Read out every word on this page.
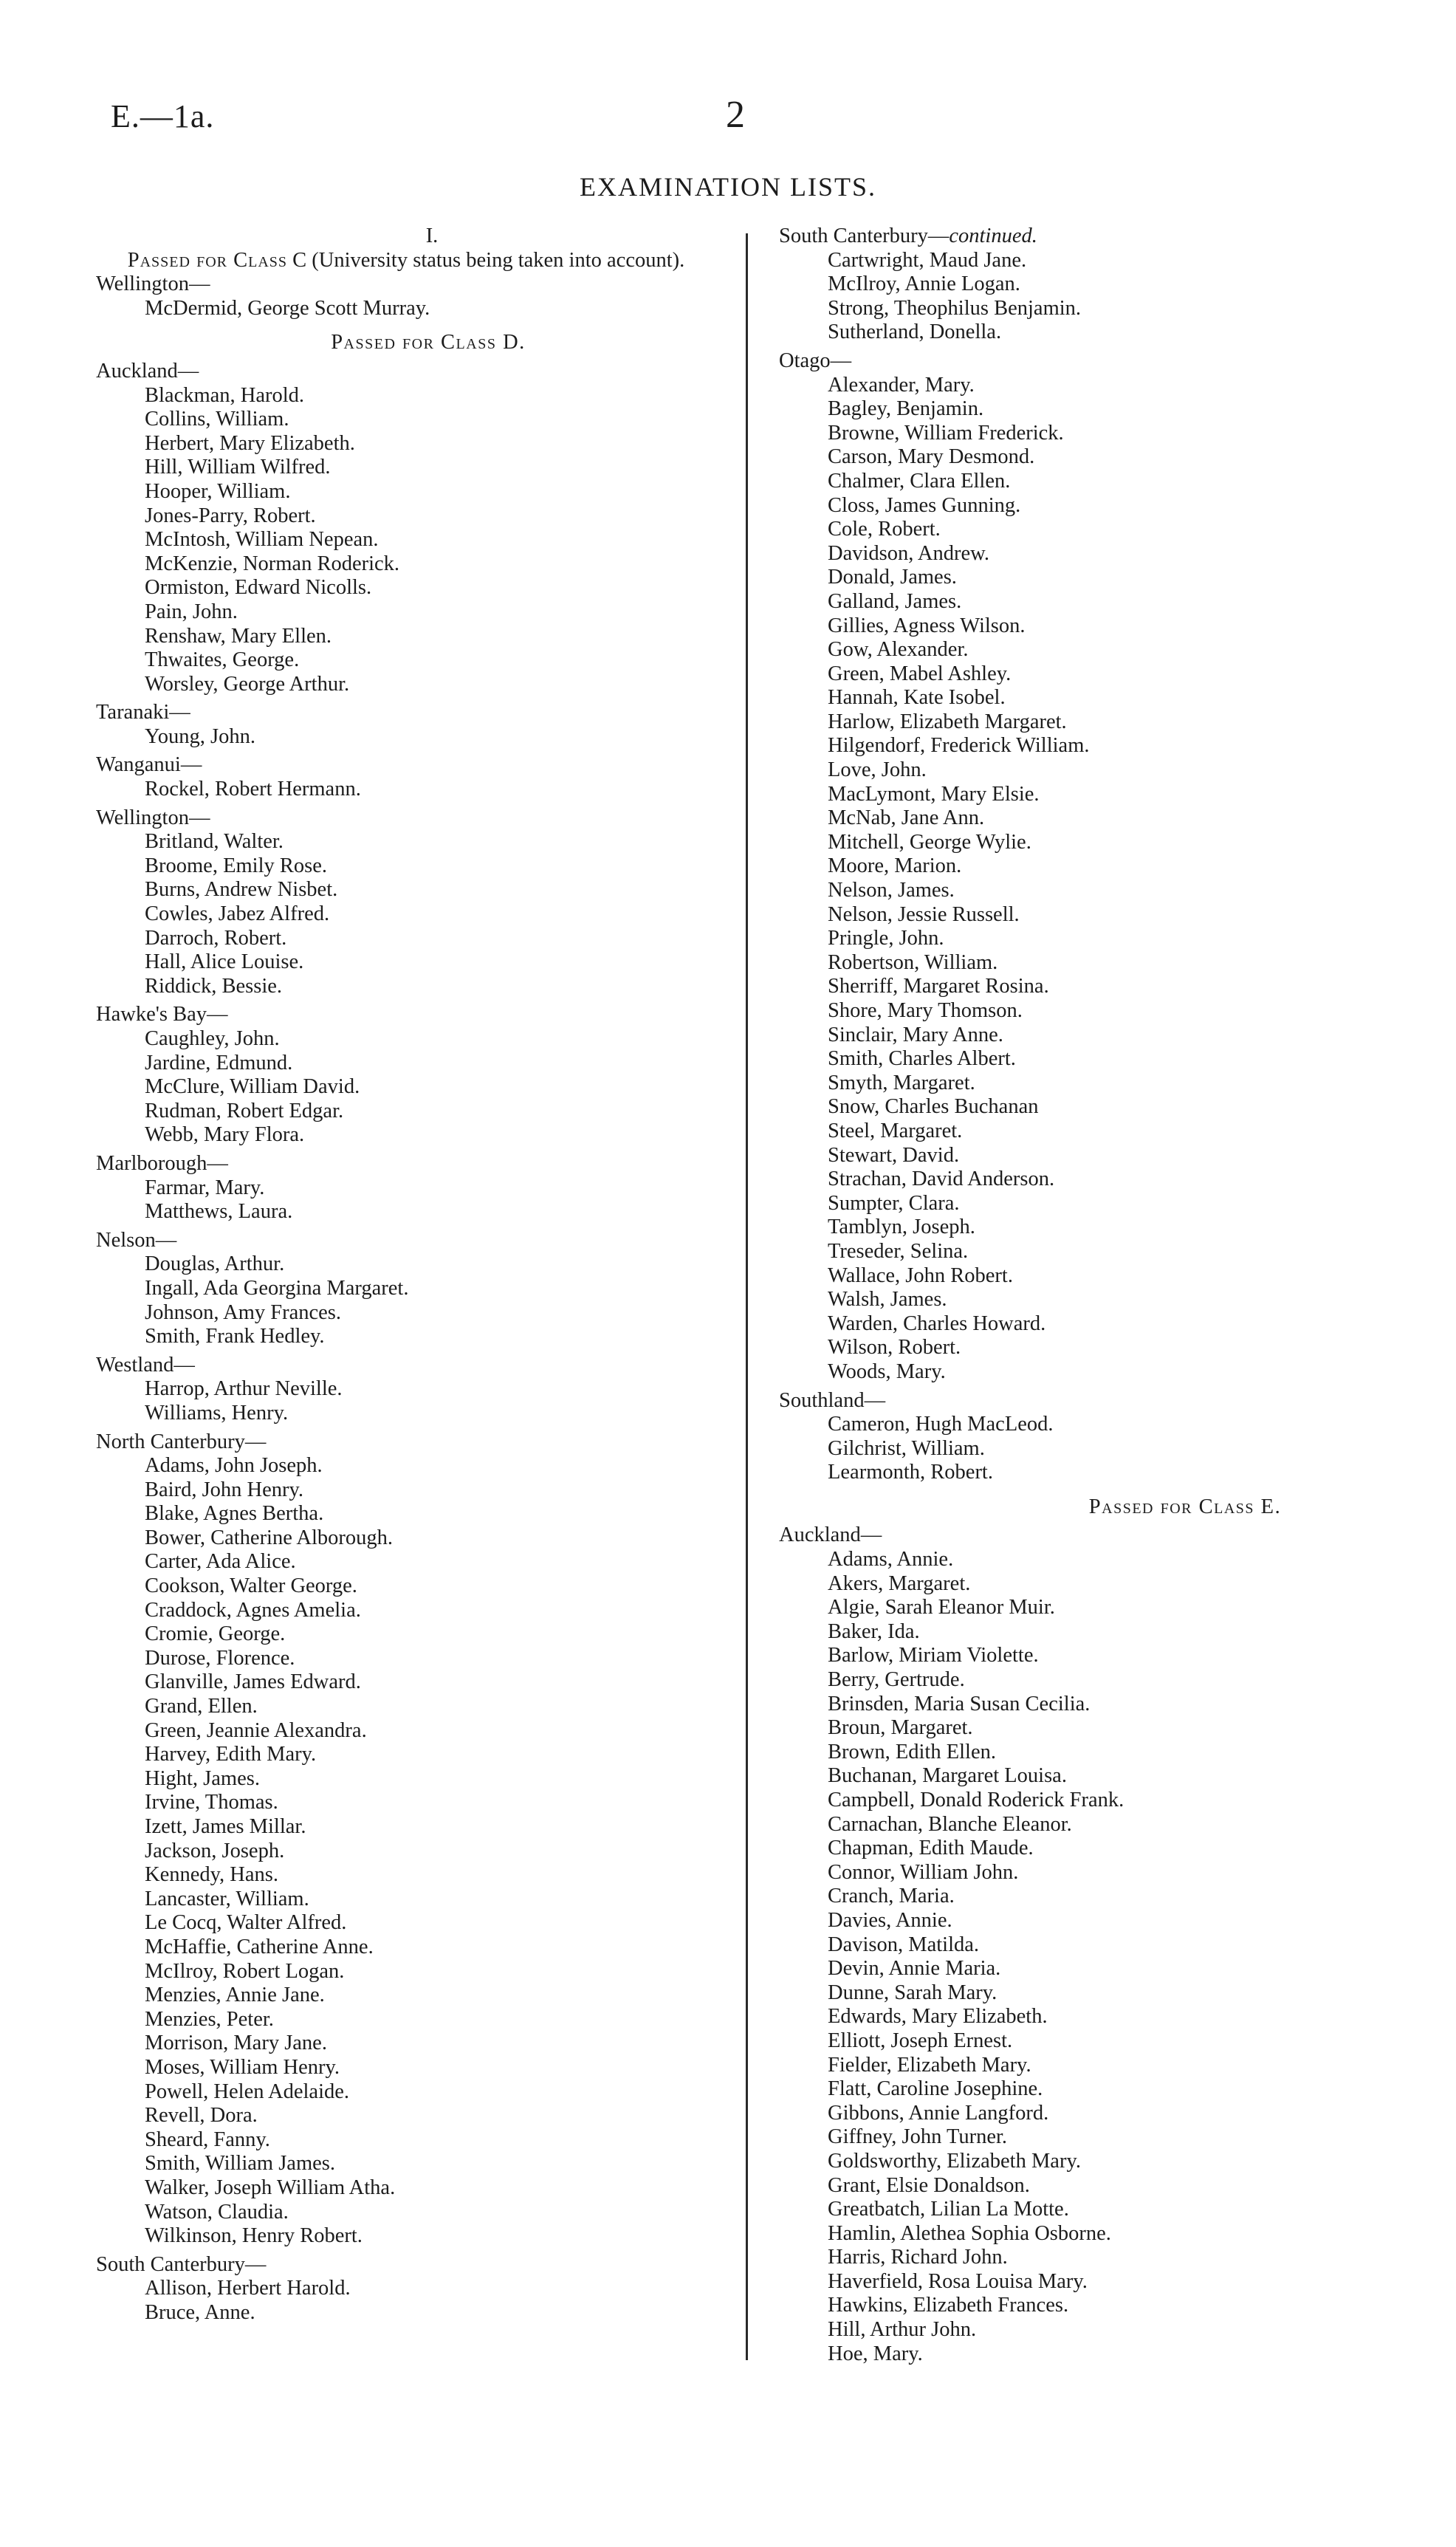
E.—1a.	2
EXAMINATION LISTS.
I.
Passed for Class C (University status being taken into account).
Wellington—
McDermid, George Scott Murray.
Passed for Class D.
Auckland—
Blackman, Harold.
Collins, William.
Herbert, Mary Elizabeth.
Hill, William Wilfred.
Hooper, William.
Jones-Parry, Robert.
McIntosh, William Nepean.
McKenzie, Norman Roderick.
Ormiston, Edward Nicolls.
Pain, John.
Renshaw, Mary Ellen.
Thwaites, George.
Worsley, George Arthur.
Taranaki—
Young, John.
Wanganui—
Rockel, Robert Hermann.
Wellington—
Britland, Walter.
Broome, Emily Rose.
Burns, Andrew Nisbet.
Cowles, Jabez Alfred.
Darroch, Robert.
Hall, Alice Louise.
Riddick, Bessie.
Hawke's Bay—
Caughley, John.
Jardine, Edmund.
McClure, William David.
Rudman, Robert Edgar.
Webb, Mary Flora.
Marlborough—
Farmar, Mary.
Matthews, Laura.
Nelson—
Douglas, Arthur.
Ingall, Ada Georgina Margaret.
Johnson, Amy Frances.
Smith, Frank Hedley.
Westland—
Harrop, Arthur Neville.
Williams, Henry.
North Canterbury—
Adams, John Joseph.
Baird, John Henry.
Blake, Agnes Bertha.
Bower, Catherine Alborough.
Carter, Ada Alice.
Cookson, Walter George.
Craddock, Agnes Amelia.
Cromie, George.
Durose, Florence.
Glanville, James Edward.
Grand, Ellen.
Green, Jeannie Alexandra.
Harvey, Edith Mary.
Hight, James.
Irvine, Thomas.
Izett, James Millar.
Jackson, Joseph.
Kennedy, Hans.
Lancaster, William.
Le Cocq, Walter Alfred.
McHaffie, Catherine Anne.
McIlroy, Robert Logan.
Menzies, Annie Jane.
Menzies, Peter.
Morrison, Mary Jane.
Moses, William Henry.
Powell, Helen Adelaide.
Revell, Dora.
Sheard, Fanny.
Smith, William James.
Walker, Joseph William Atha.
Watson, Claudia.
Wilkinson, Henry Robert.
South Canterbury—
Allison, Herbert Harold.
Bruce, Anne.
South Canterbury—continued.
Cartwright, Maud Jane.
McIlroy, Annie Logan.
Strong, Theophilus Benjamin.
Sutherland, Donella.
Otago—
Alexander, Mary.
Bagley, Benjamin.
Browne, William Frederick.
Carson, Mary Desmond.
Chalmer, Clara Ellen.
Closs, James Gunning.
Cole, Robert.
Davidson, Andrew.
Donald, James.
Galland, James.
Gillies, Agness Wilson.
Gow, Alexander.
Green, Mabel Ashley.
Hannah, Kate Isobel.
Harlow, Elizabeth Margaret.
Hilgendorf, Frederick William.
Love, John.
MacLymont, Mary Elsie.
McNab, Jane Ann.
Mitchell, George Wylie.
Moore, Marion.
Nelson, James.
Nelson, Jessie Russell.
Pringle, John.
Robertson, William.
Sherriff, Margaret Rosina.
Shore, Mary Thomson.
Sinclair, Mary Anne.
Smith, Charles Albert.
Smyth, Margaret.
Snow, Charles Buchanan
Steel, Margaret.
Stewart, David.
Strachan, David Anderson.
Sumpter, Clara.
Tamblyn, Joseph.
Treseder, Selina.
Wallace, John Robert.
Walsh, James.
Warden, Charles Howard.
Wilson, Robert.
Woods, Mary.
Southland—
Cameron, Hugh MacLeod.
Gilchrist, William.
Learmonth, Robert.
Passed for Class E.
Auckland—
Adams, Annie.
Akers, Margaret.
Algie, Sarah Eleanor Muir.
Baker, Ida.
Barlow, Miriam Violette.
Berry, Gertrude.
Brinsden, Maria Susan Cecilia.
Broun, Margaret.
Brown, Edith Ellen.
Buchanan, Margaret Louisa.
Campbell, Donald Roderick Frank.
Carnachan, Blanche Eleanor.
Chapman, Edith Maude.
Connor, William John.
Cranch, Maria.
Davies, Annie.
Davison, Matilda.
Devin, Annie Maria.
Dunne, Sarah Mary.
Edwards, Mary Elizabeth.
Elliott, Joseph Ernest.
Fielder, Elizabeth Mary.
Flatt, Caroline Josephine.
Gibbons, Annie Langford.
Giffney, John Turner.
Goldsworthy, Elizabeth Mary.
Grant, Elsie Donaldson.
Greatbatch, Lilian La Motte.
Hamlin, Alethea Sophia Osborne.
Harris, Richard John.
Haverfield, Rosa Louisa Mary.
Hawkins, Elizabeth Frances.
Hill, Arthur John.
Hoe, Mary.
